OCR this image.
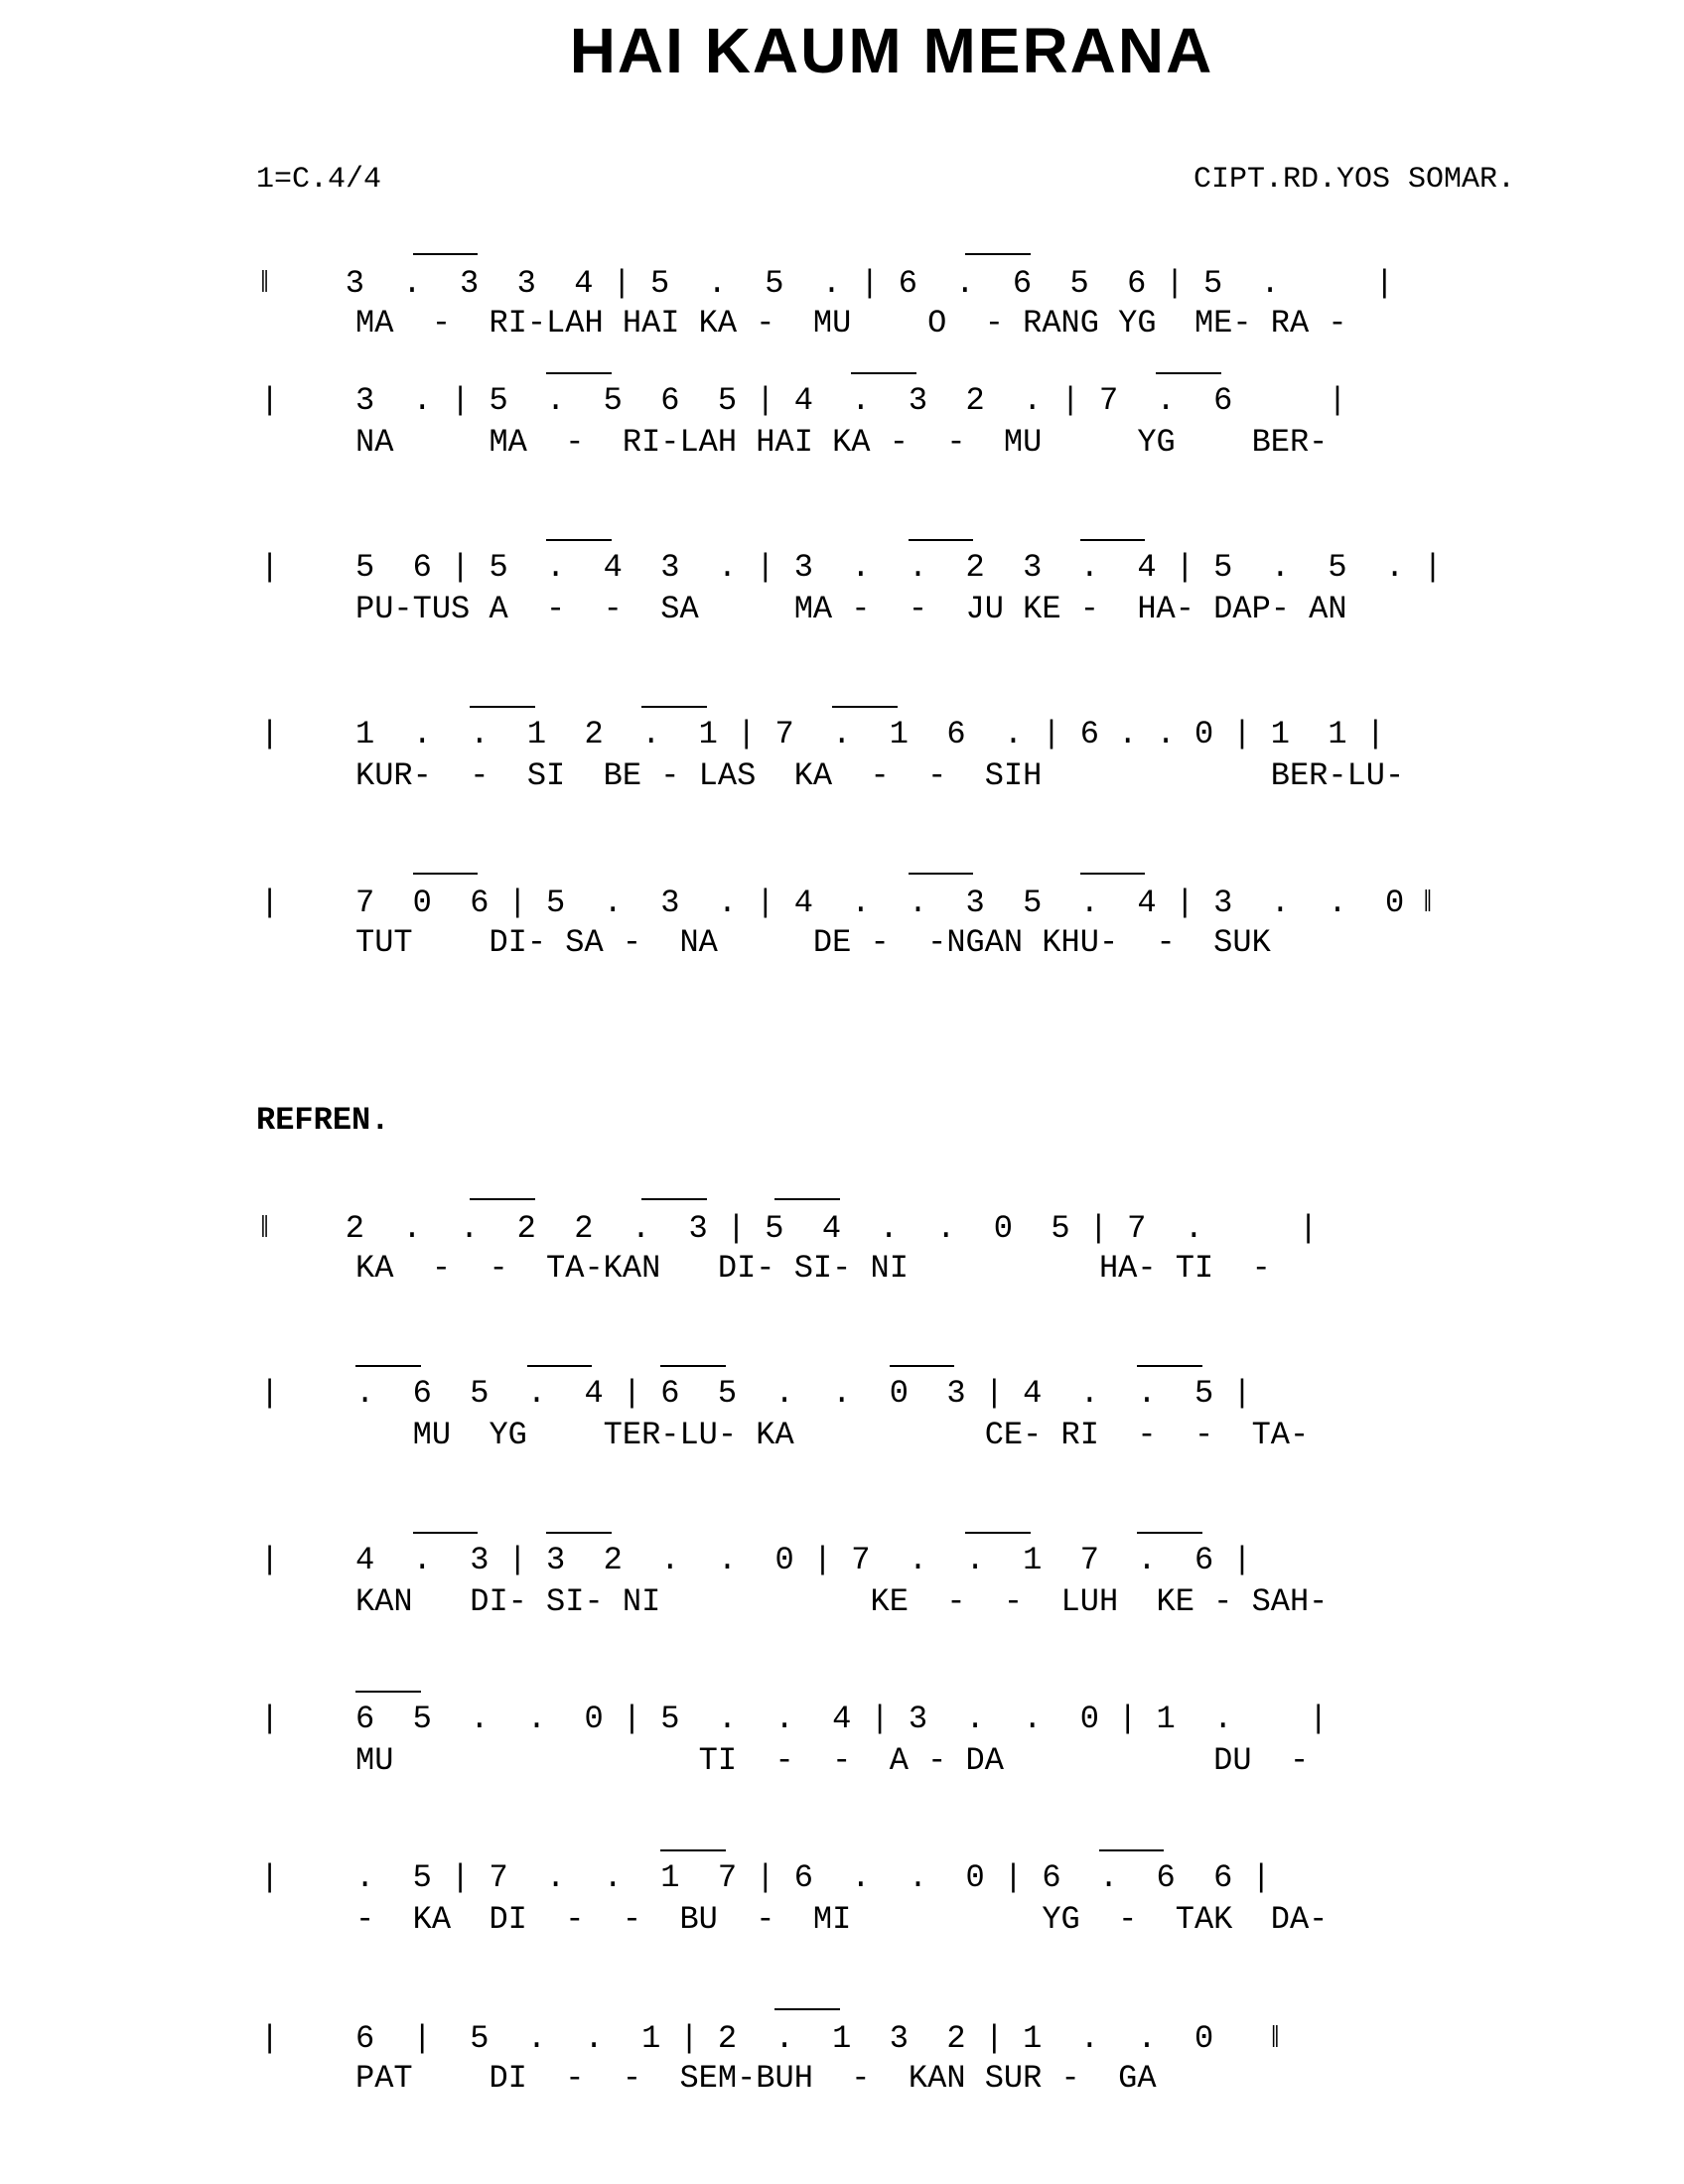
HAI KAUM MERANA
1=C.4/4	CIPT.RD.YOS SOMAR.
REFREN.
‖    3  .  3  3  4 | 5  .  5  . | 6  .  6  5  6 | 5  .     |
MA  -  RI-LAH HAI KA -  MU    O  - RANG YG  ME- RA -
|    3  . | 5  .  5  6  5 | 4  .  3  2  . | 7  .  6     |
NA     MA  -  RI-LAH HAI KA -  -  MU     YG    BER-
|    5  6 | 5  .  4  3  . | 3  .  .  2  3  .  4 | 5  .  5  . |
PU-TUS A  -  -  SA     MA -  -  JU KE -  HA- DAP- AN
|    1  .  .  1  2  .  1 | 7  .  1  6  . | 6 . . 0 | 1  1 |
KUR-  -  SI  BE - LAS  KA  -  -  SIH            BER-LU-
|    7  0  6 | 5  .  3  . | 4  .  .  3  5  .  4 | 3  .  .  0 ‖
TUT    DI- SA -  NA     DE -  -NGAN KHU-  -  SUK
‖    2  .  .  2  2  .  3 | 5  4  .  .  0  5 | 7  .     |
KA  -  -  TA-KAN   DI- SI- NI          HA- TI  -
|    .  6  5  .  4 | 6  5  .  .  0  3 | 4  .  .  5 |
MU  YG    TER-LU- KA          CE- RI  -  -  TA-
|    4  .  3 | 3  2  .  .  0 | 7  .  .  1  7  .  6 |
KAN   DI- SI- NI           KE  -  -  LUH  KE - SAH-
|    6  5  .  .  0 | 5  .  .  4 | 3  .  .  0 | 1  .    |
MU                TI  -  -  A - DA           DU  -
|    .  5 | 7  .  .  1  7 | 6  .  .  0 | 6  .  6  6 |
-  KA  DI  -  -  BU  -  MI          YG  -  TAK  DA-
|    6  |  5  .  .  1 | 2  .  1  3  2 | 1  .  .  0   ‖
PAT    DI  -  -  SEM-BUH  -  KAN SUR -  GA
